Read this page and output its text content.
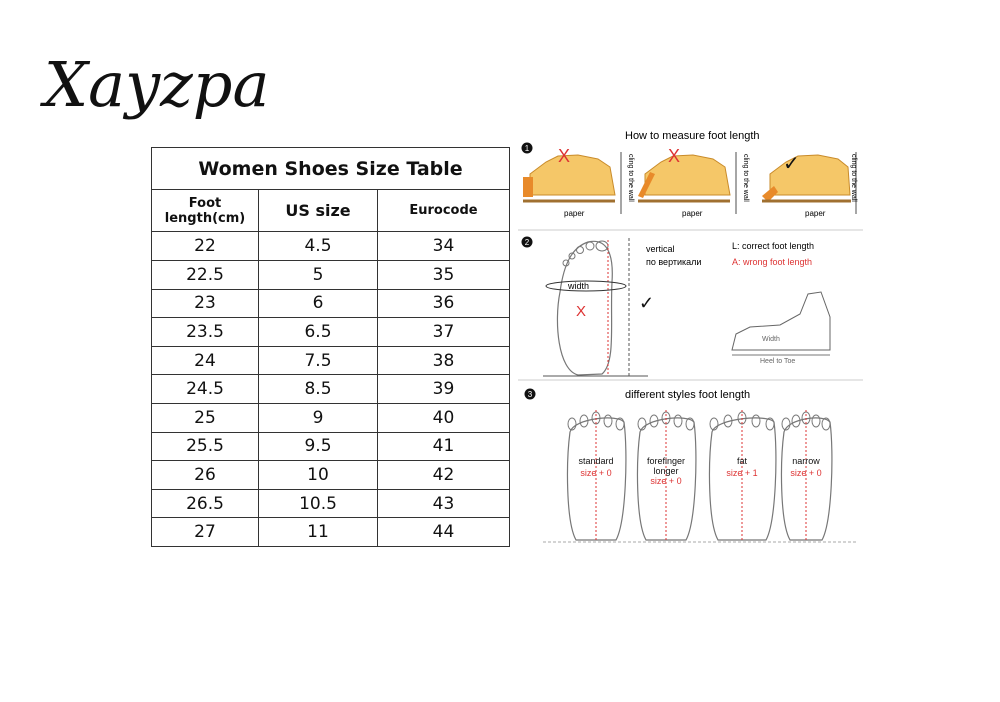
Xayzpa
Women Shoes Size Table		
Foot length(cm)	US size	Eurocode
22	4.5	34
22.5	5	35
23	6	36
23.5	6.5	37
24	7.5	38
24.5	8.5	39
25	9	40
25.5	9.5	41
26	10	42
26.5	10.5	43
27	11	44
How to measure foot length
1 X
paper
cling to the wall X
paper
cling to the wall ✓
paper
cling to the wall
2
width
X
vertical
по вертикали
✓
L: correct foot length
A: wrong foot length
Width
Heel to Toe
3	different styles foot length
standard
size + 0
forefinger
longer
size + 0
fat
size + 1
narrow
size + 0
